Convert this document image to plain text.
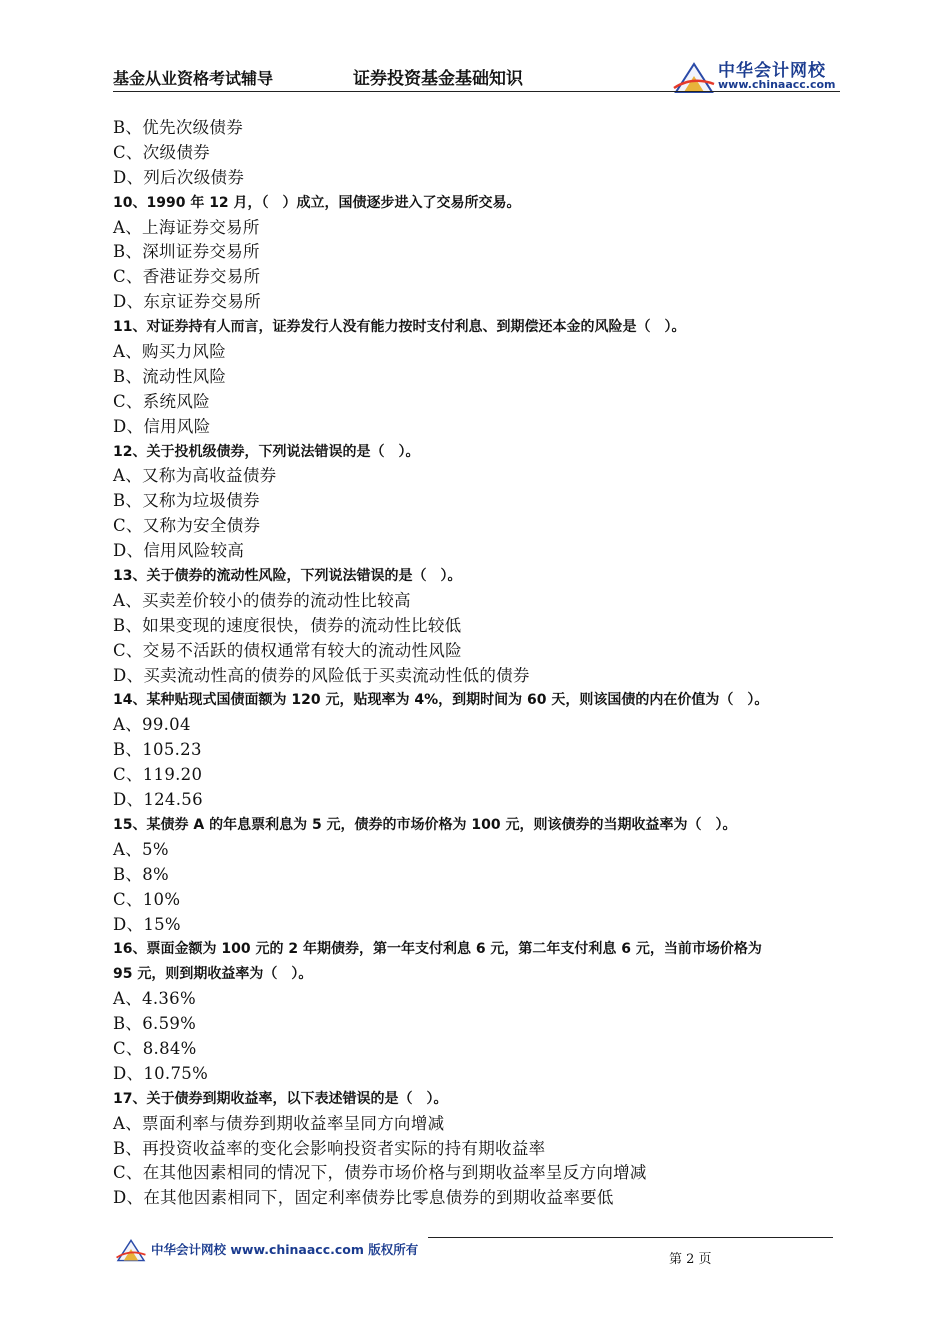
基金从业资格考试辅导	证券投资基金基础知识	中华会计网校
www.chinaacc.com
B、优先次级债券
C、次级债券
D、列后次级债券
10、1990 年 12 月，（　）成立，国债逐步进入了交易所交易。
A、上海证券交易所
B、深圳证券交易所
C、香港证券交易所
D、东京证券交易所
11、对证券持有人而言，证券发行人没有能力按时支付利息、到期偿还本金的风险是（　）。
A、购买力风险
B、流动性风险
C、系统风险
D、信用风险
12、关于投机级债券，下列说法错误的是（　）。
A、又称为高收益债券
B、又称为垃圾债券
C、又称为安全债券
D、信用风险较高
13、关于债券的流动性风险，下列说法错误的是（　）。
A、买卖差价较小的债券的流动性比较高
B、如果变现的速度很快，债券的流动性比较低
C、交易不活跃的债权通常有较大的流动性风险
D、买卖流动性高的债券的风险低于买卖流动性低的债券
14、某种贴现式国债面额为 120 元，贴现率为 4%，到期时间为 60 天，则该国债的内在价值为（　）。
A、99.04
B、105.23
C、119.20
D、124.56
15、某债券 A 的年息票利息为 5 元，债券的市场价格为 100 元，则该债券的当期收益率为（　）。
A、5%
B、8%
C、10%
D、15%
16、票面金额为 100 元的 2 年期债券，第一年支付利息 6 元，第二年支付利息 6 元，当前市场价格为
95 元，则到期收益率为（　）。
A、4.36%
B、6.59%
C、8.84%
D、10.75%
17、关于债券到期收益率，以下表述错误的是（　）。
A、票面利率与债券到期收益率呈同方向增减
B、再投资收益率的变化会影响投资者实际的持有期收益率
C、在其他因素相同的情况下，债券市场价格与到期收益率呈反方向增减
D、在其他因素相同下，固定利率债券比零息债券的到期收益率要低
中华会计网校 www.chinaacc.com 版权所有
第 2 页
